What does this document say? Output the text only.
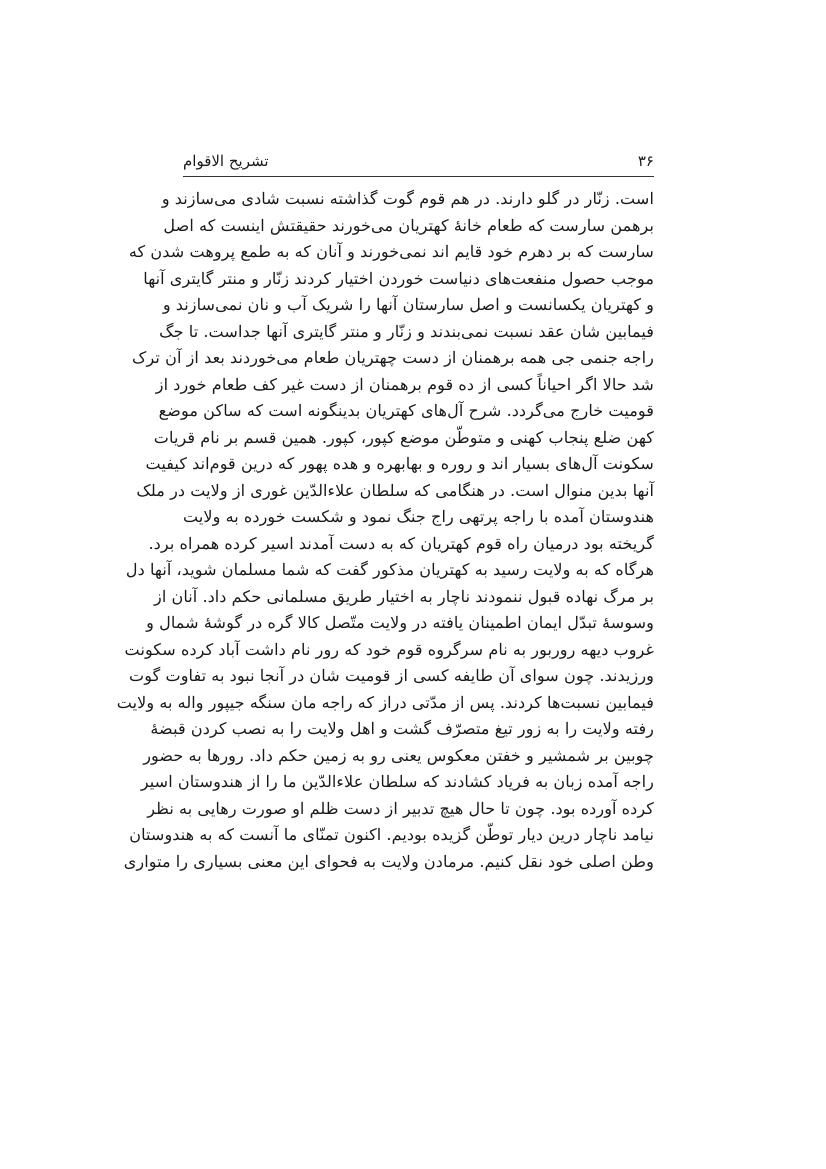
۳۶
تشریح الاقوام
است. زنّار در گلو دارند. در هم قوم گوت گذاشته نسبت شادی می‌سازند و
برهمن سارست که طعام خانهٔ کهتریان می‌خورند حقیقتش اینست که اصل
سارست که بر دهرم خود قایم اند نمی‌خورند و آنان که به طمع پروهت شدن که
موجب حصول منفعت‌های دنیاست خوردن اختیار کردند زنّار و منتر گایتری آنها
و کهتریان یکسانست و اصل سارستان آنها را شریک آب و نان نمی‌سازند و
فیمابین شان عقد نسبت نمی‌بندند و زنّار و منتر گایتری آنها جداست. تا جگ
راجه جنمی جی همه برهمنان از دست چهتریان طعام می‌خوردند بعد از آن ترک
شد حالا اگر احیاناً کسی از ده قوم برهمنان از دست غیر کف طعام خورد از
قومیت خارج می‌گردد. شرح آل‌های کهتریان بدینگونه است که ساکن موضع
کهن ضلع پنجاب کهنی و متوطّن موضع کپور، کپور. همین قسم بر نام قریات
سکونت آل‌های بسیار اند و روره و بهابهره و هده پهور که درین قوم‌اند کیفیت
آنها بدین منوال است. در هنگامی که سلطان علاءالدّین غوری از ولایت در ملک
هندوستان آمده با راجه پرتهی راج جنگ نمود و شکست خورده به ولایت
گریخته بود درمیان راه قوم کهتریان که به دست آمدند اسیر کرده همراه برد.
هرگاه که به ولایت رسید به کهتریان مذکور گفت که شما مسلمان شوید، آنها دل
بر مرگ نهاده قبول ننمودند ناچار به اختیار طریق مسلمانی حکم داد. آنان از
وسوسهٔ تبدّل ایمان اطمینان یافته در ولایت متّصل کالا گره در گوشهٔ شمال و
غروب دیهه روربور به نام سرگروه قوم خود که رور نام داشت آباد کرده سکونت
ورزیدند. چون سوای آن طایفه کسی از قومیت شان در آنجا نبود به تفاوت گوت
فیمابین نسبت‌ها کردند. پس از مدّتی دراز که راجه مان سنگه جیپور واله به ولایت
رفته ولایت را به زور تیغ متصرّف گشت و اهل ولایت را به نصب کردن قبضهٔ
چوبین بر شمشیر و خفتن معکوس یعنی رو به زمین حکم داد. رورها به حضور
راجه آمده زبان به فریاد کشادند که سلطان علاءالدّین ما را از هندوستان اسیر
کرده آورده بود. چون تا حال هیچ تدبیر از دست ظلم او صورت رهایی به نظر
نیامد ناچار درین دیار توطّن گزیده بودیم. اکنون تمنّای ما آنست که به هندوستان
وطن اصلی خود نقل کنیم. مرمادن ولایت به فحوای این معنی بسیاری را متواری
